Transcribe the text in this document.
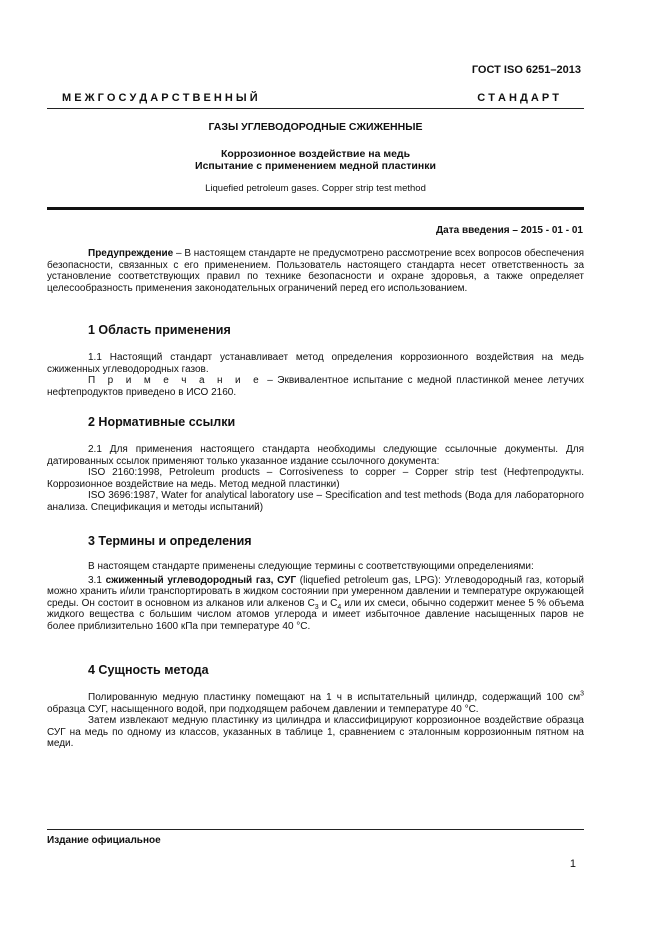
ГОСТ ISO 6251–2013
М Е Ж Г О С У Д А Р С Т В Е Н Н Ы Й	С Т А Н Д А Р Т
ГАЗЫ УГЛЕВОДОРОДНЫЕ СЖИЖЕННЫЕ
Коррозионное воздействие на медь
Испытание с применением медной пластинки
Liquefied petroleum gases. Copper strip test method
Дата введения – 2015 - 01 - 01

Предупреждение – В настоящем стандарте не предусмотрено рассмотрение всех вопросов обеспечения безопасности, связанных с его применением. Пользователь настоящего стандарта несет ответственность за установление соответствующих правил по технике безопасности и охране здоровья, а также определяет целесообразность применения законодательных ограничений перед его использованием.

1 Область применения

1.1 Настоящий стандарт устанавливает метод определения коррозионного воздействия на медь сжиженных углеводородных газов.

П р и м е ч а н и е – Эквивалентное испытание с медной пластинкой менее летучих нефтепродуктов приведено в ИСО 2160.

2 Нормативные ссылки

2.1 Для применения настоящего стандарта необходимы следующие ссылочные документы. Для датированных ссылок применяют только указанное издание ссылочного документа:

ISO 2160:1998, Petroleum products – Corrosiveness to copper – Copper strip test (Нефтепродукты. Коррозионное воздействие на медь. Метод медной пластинки)

ISO 3696:1987, Water for analytical laboratory use – Specification and test methods (Вода для лабораторного анализа. Спецификация и методы испытаний)

3 Термины и определения

В настоящем стандарте применены следующие термины с соответствующими определениями:

3.1 сжиженный углеводородный газ, СУГ (liquefied petroleum gas, LPG): Углеводородный газ, который можно хранить и/или транспортировать в жидком состоянии при умеренном давлении и температуре окружающей среды. Он состоит в основном из алканов или алкенов $C_3$ и $C_4$ или их смеси, обычно содержит менее 5 % объема жидкого вещества с большим числом атомов углерода и имеет избыточное давление насыщенных паров не более приблизительно 1600 кПа при температуре 40 °C.

4 Сущность метода

Полированную медную пластинку помещают на 1 ч в испытательный цилиндр, содержащий 100 $см^3$ образца СУГ, насыщенного водой, при подходящем рабочем давлении и температуре 40 °C.

Затем извлекают медную пластинку из цилиндра и классифицируют коррозионное воздействие образца СУГ на медь по одному из классов, указанных в таблице 1, сравнением с эталонным коррозионным пятном на меди.

Издание официальное
1
